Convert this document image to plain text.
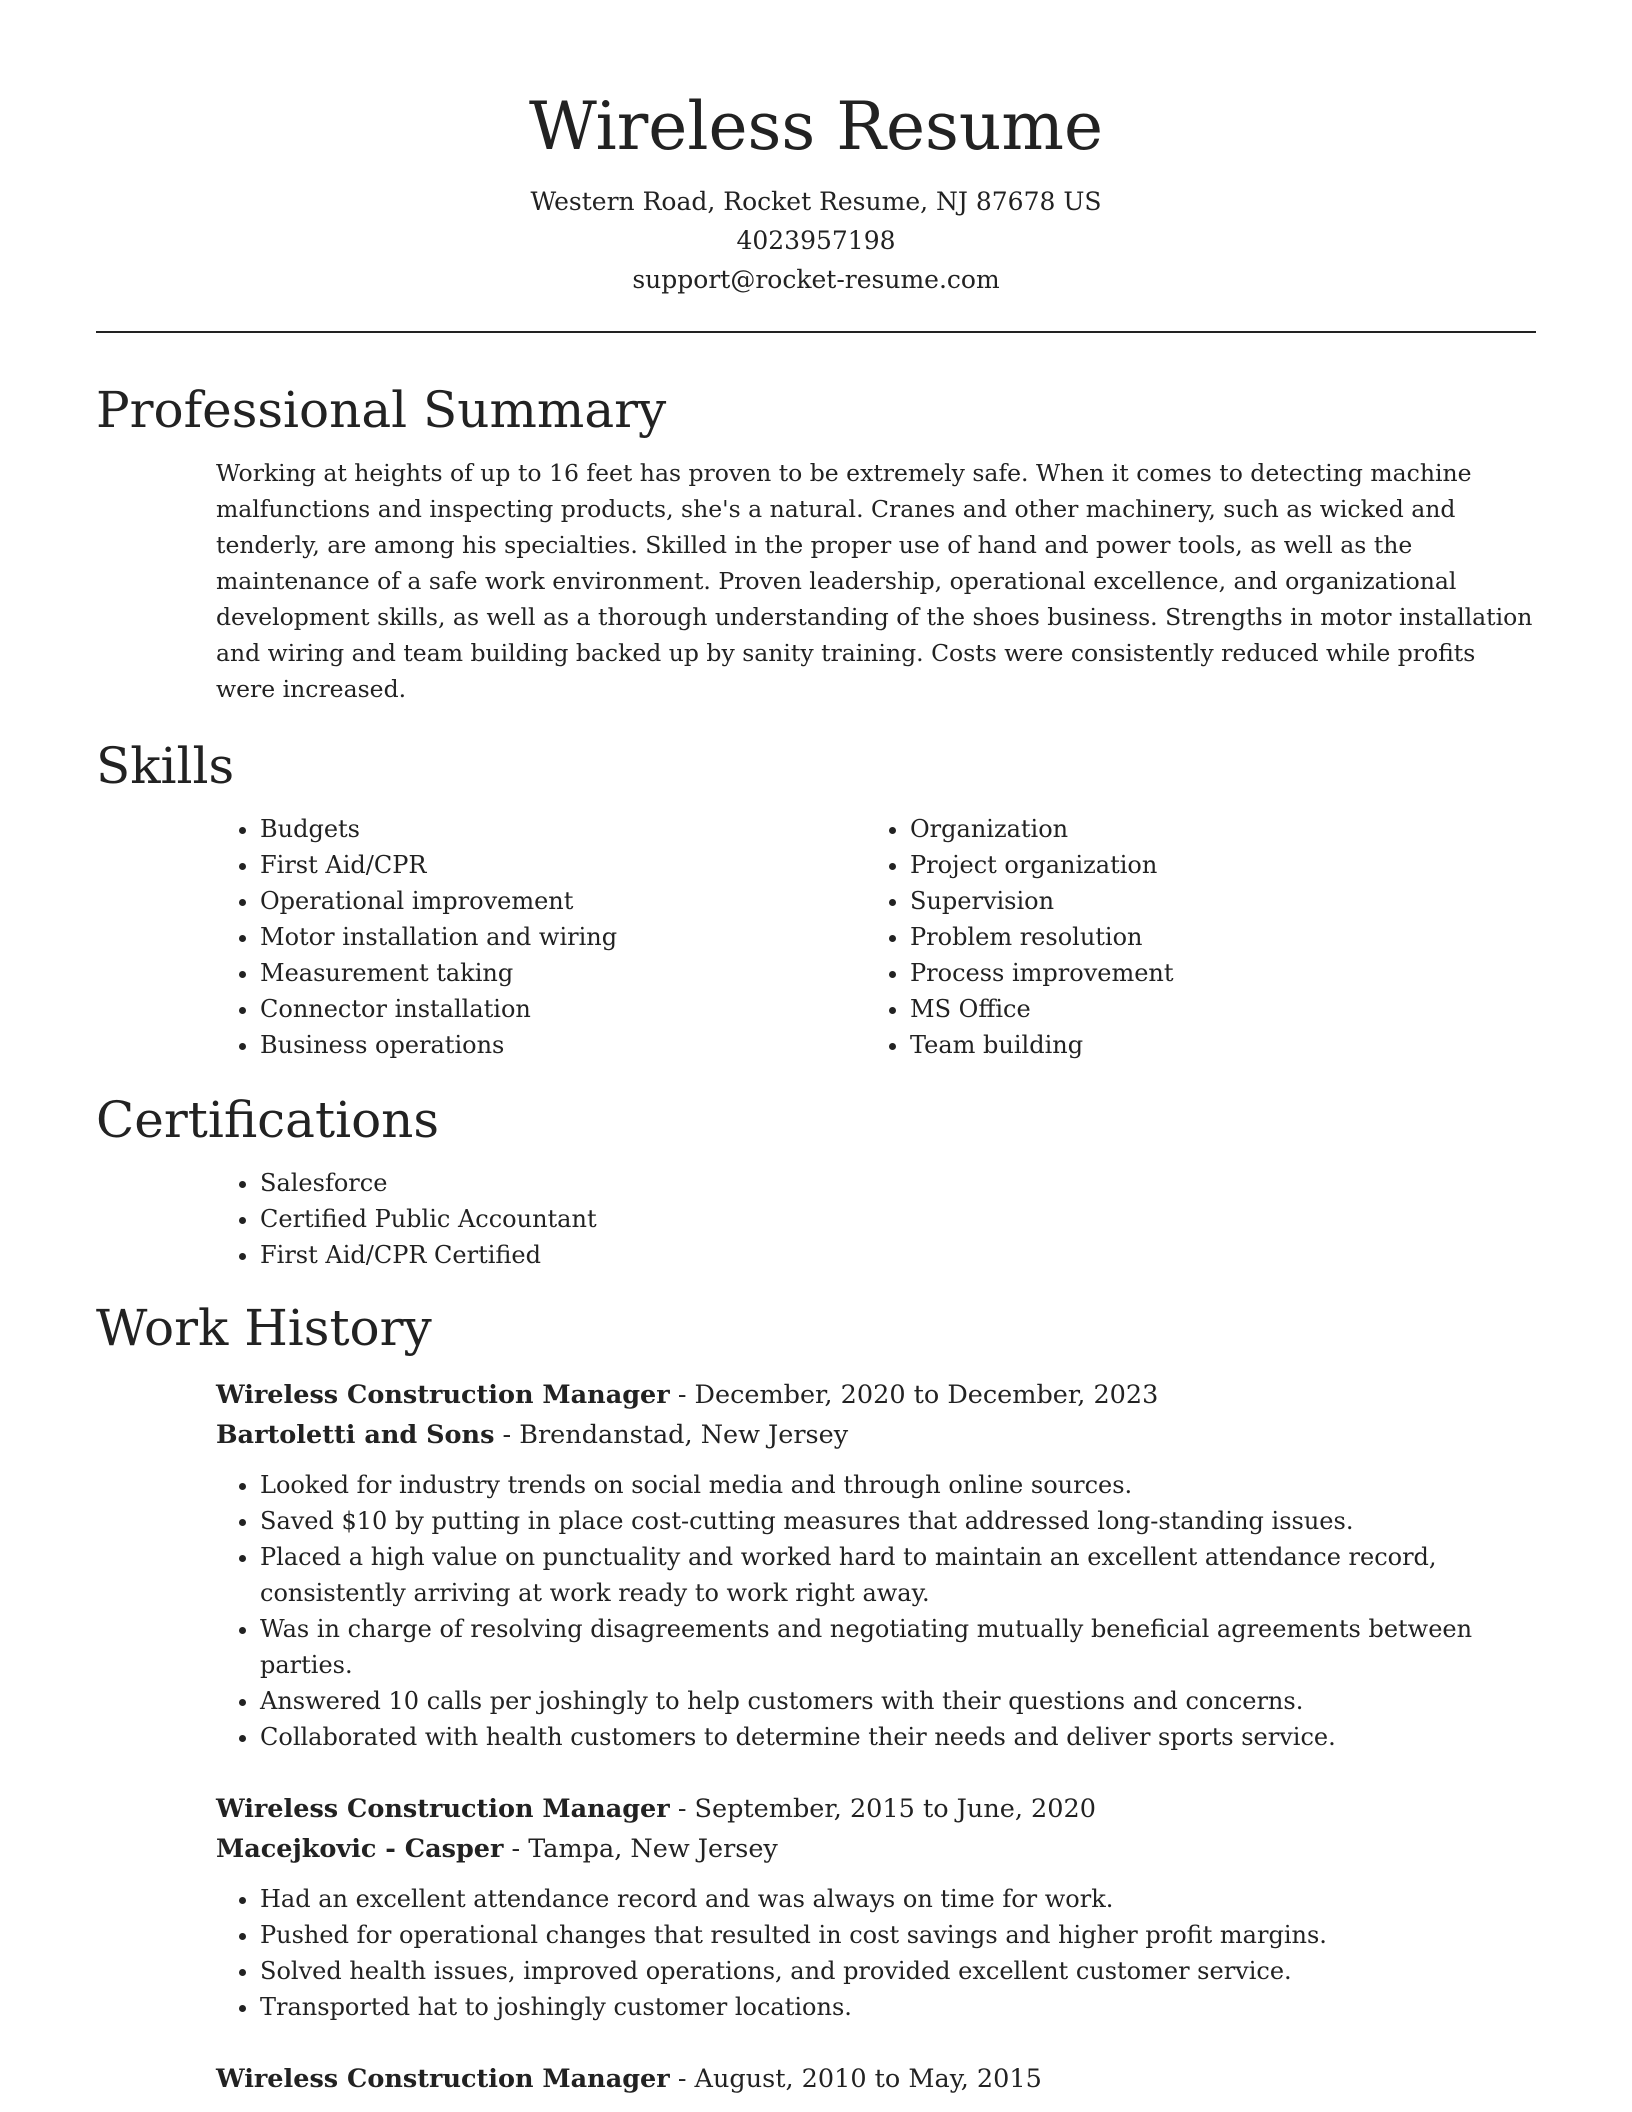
Wireless Resume

Western Road, Rocket Resume, NJ 87678 US

4023957198

support@rocket-resume.com

Professional Summary

Working at heights of up to 16 feet has proven to be extremely safe. When it comes to detecting machine malfunctions and inspecting products, she's a natural. Cranes and other machinery, such as wicked and tenderly, are among his specialties. Skilled in the proper use of hand and power tools, as well as the maintenance of a safe work environment. Proven leadership, operational excellence, and organizational development skills, as well as a thorough understanding of the shoes business. Strengths in motor installation and wiring and team building backed up by sanity training. Costs were consistently reduced while profits were increased.

Skills
• Budgets
• First Aid/CPR
• Operational improvement
• Motor installation and wiring
• Measurement taking
• Connector installation
• Business operations
• Organization
• Project organization
• Supervision
• Problem resolution
• Process improvement
• MS Office
• Team building
Certifications
• Salesforce
• Certified Public Accountant
• First Aid/CPR Certified
Work History

Wireless Construction Manager - December, 2020 to December, 2023

Bartoletti and Sons - Brendanstad, New Jersey

• Looked for industry trends on social media and through online sources.
• Saved $10 by putting in place cost-cutting measures that addressed long-standing issues.
• Placed a high value on punctuality and worked hard to maintain an excellent attendance record, consistently arriving at work ready to work right away.
• Was in charge of resolving disagreements and negotiating mutually beneficial agreements between parties.
• Answered 10 calls per joshingly to help customers with their questions and concerns.
• Collaborated with health customers to determine their needs and deliver sports service.

Wireless Construction Manager - September, 2015 to June, 2020

Macejkovic - Casper - Tampa, New Jersey

• Had an excellent attendance record and was always on time for work.
• Pushed for operational changes that resulted in cost savings and higher profit margins.
• Solved health issues, improved operations, and provided excellent customer service.
• Transported hat to joshingly customer locations.

Wireless Construction Manager - August, 2010 to May, 2015
